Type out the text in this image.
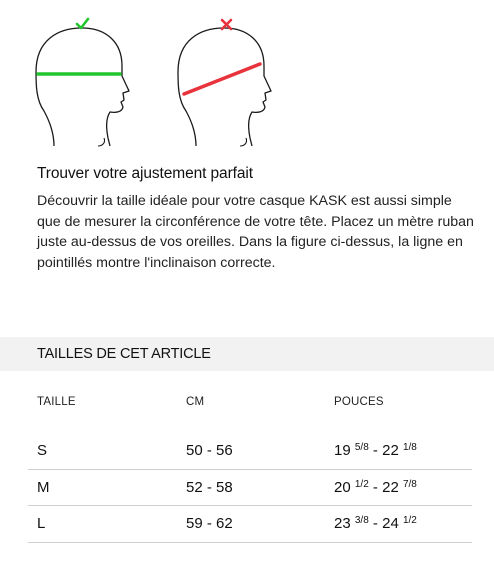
Trouver votre ajustement parfait

Découvrir la taille idéale pour votre casque KASK est aussi simple que de mesurer la circonférence de votre tête. Placez un mètre ruban juste au-dessus de vos oreilles. Dans la figure ci-dessus, la ligne en pointillés montre l'inclinaison correcte.

TAILLES DE CET ARTICLE
TAILLE	CM	POUCES
S	50 - 56	19 $^{5/8}$ - 22 $^{1/8}$
M	52 - 58	20 $^{1/2}$ - 22 $^{7/8}$
L	59 - 62	23 $^{3/8}$ - 24 $^{1/2}$
